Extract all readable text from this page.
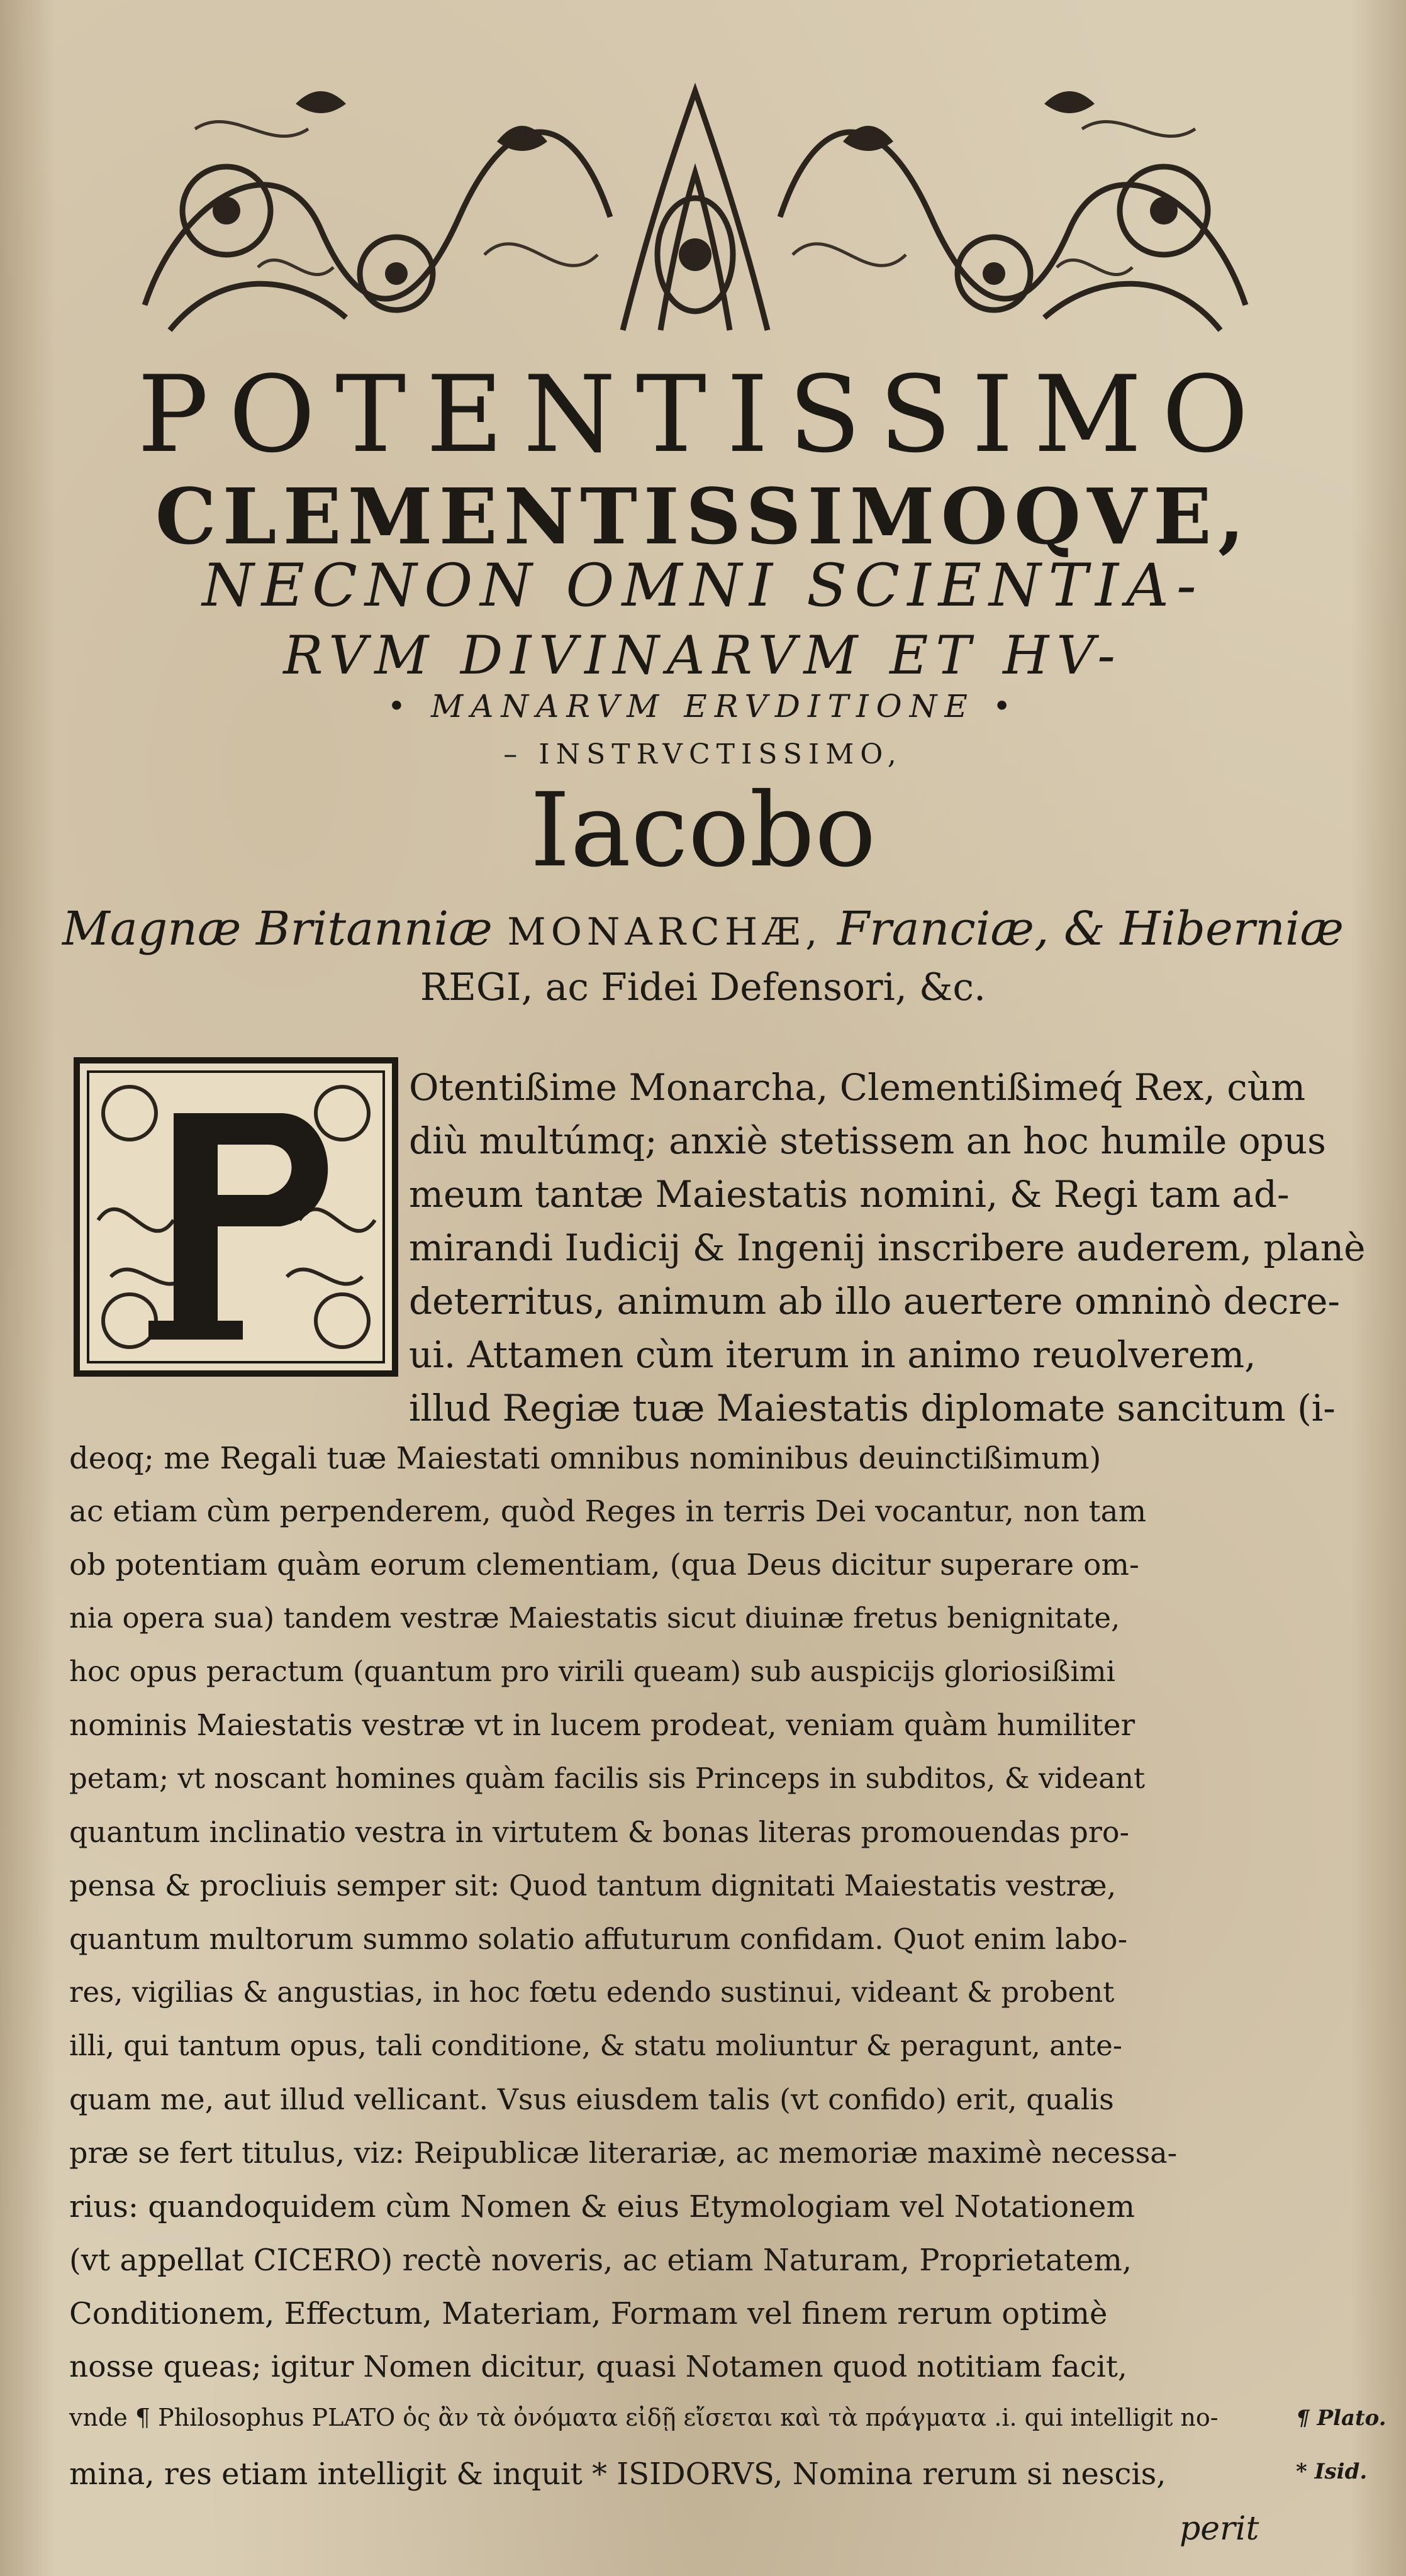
POTENTISSIMO
CLEMENTISSIMOQVE,
NECNON OMNI SCIENTIA-
RVM DIVINARVM ET HV-
• MANARVM ERVDITIONE •
– INSTRVCTISSIMO,
Iacobo
Magnæ Britanniæ MONARCHÆ, Franciæ, & Hiberniæ
REGI, ac Fidei Defensori, &c.
Otentißime Monarcha, Clementißimeq́ Rex, cùm
diù multúmq; anxiè stetissem an hoc humile opus
meum tantæ Maiestatis nomini, & Regi tam ad-
mirandi Iudicij & Ingenij inscribere auderem, planè
deterritus, animum ab illo auertere omninò decre-
ui. Attamen cùm iterum in animo reuolverem,
illud Regiæ tuæ Maiestatis diplomate sancitum (i-
deoq; me Regali tuæ Maiestati omnibus nominibus deuinctißimum)
ac etiam cùm perpenderem, quòd Reges in terris Dei vocantur, non tam
ob potentiam quàm eorum clementiam, (qua Deus dicitur superare om-
nia opera sua) tandem vestræ Maiestatis sicut diuinæ fretus benignitate,
hoc opus peractum (quantum pro virili queam) sub auspicijs gloriosißimi
nominis Maiestatis vestræ vt in lucem prodeat, veniam quàm humiliter
petam; vt noscant homines quàm facilis sis Princeps in subditos, & videant
quantum inclinatio vestra in virtutem & bonas literas promouendas pro-
pensa & procliuis semper sit: Quod tantum dignitati Maiestatis vestræ,
quantum multorum summo solatio affuturum confidam. Quot enim labo-
res, vigilias & angustias, in hoc fœtu edendo sustinui, videant & probent
illi, qui tantum opus, tali conditione, & statu moliuntur & peragunt, ante-
quam me, aut illud vellicant. Vsus eiusdem talis (vt confido) erit, qualis
præ se fert titulus, viz: Reipublicæ literariæ, ac memoriæ maximè necessa-
rius: quandoquidem cùm Nomen & eius Etymologiam vel Notationem
(vt appellat CICERO) rectè noveris, ac etiam Naturam, Proprietatem,
Conditionem, Effectum, Materiam, Formam vel finem rerum optimè
nosse queas; igitur Nomen dicitur, quasi Notamen quod notitiam facit,
vnde ¶ Philosophus PLATO ὁς ἂν τὰ ὀνόματα εἰδῇ εἴσεται καὶ τὰ πράγματα .i. qui intelligit no-
mina, res etiam intelligit & inquit * ISIDORVS, Nomina rerum si nescis,
perit
¶ Plato.
* Isid.
